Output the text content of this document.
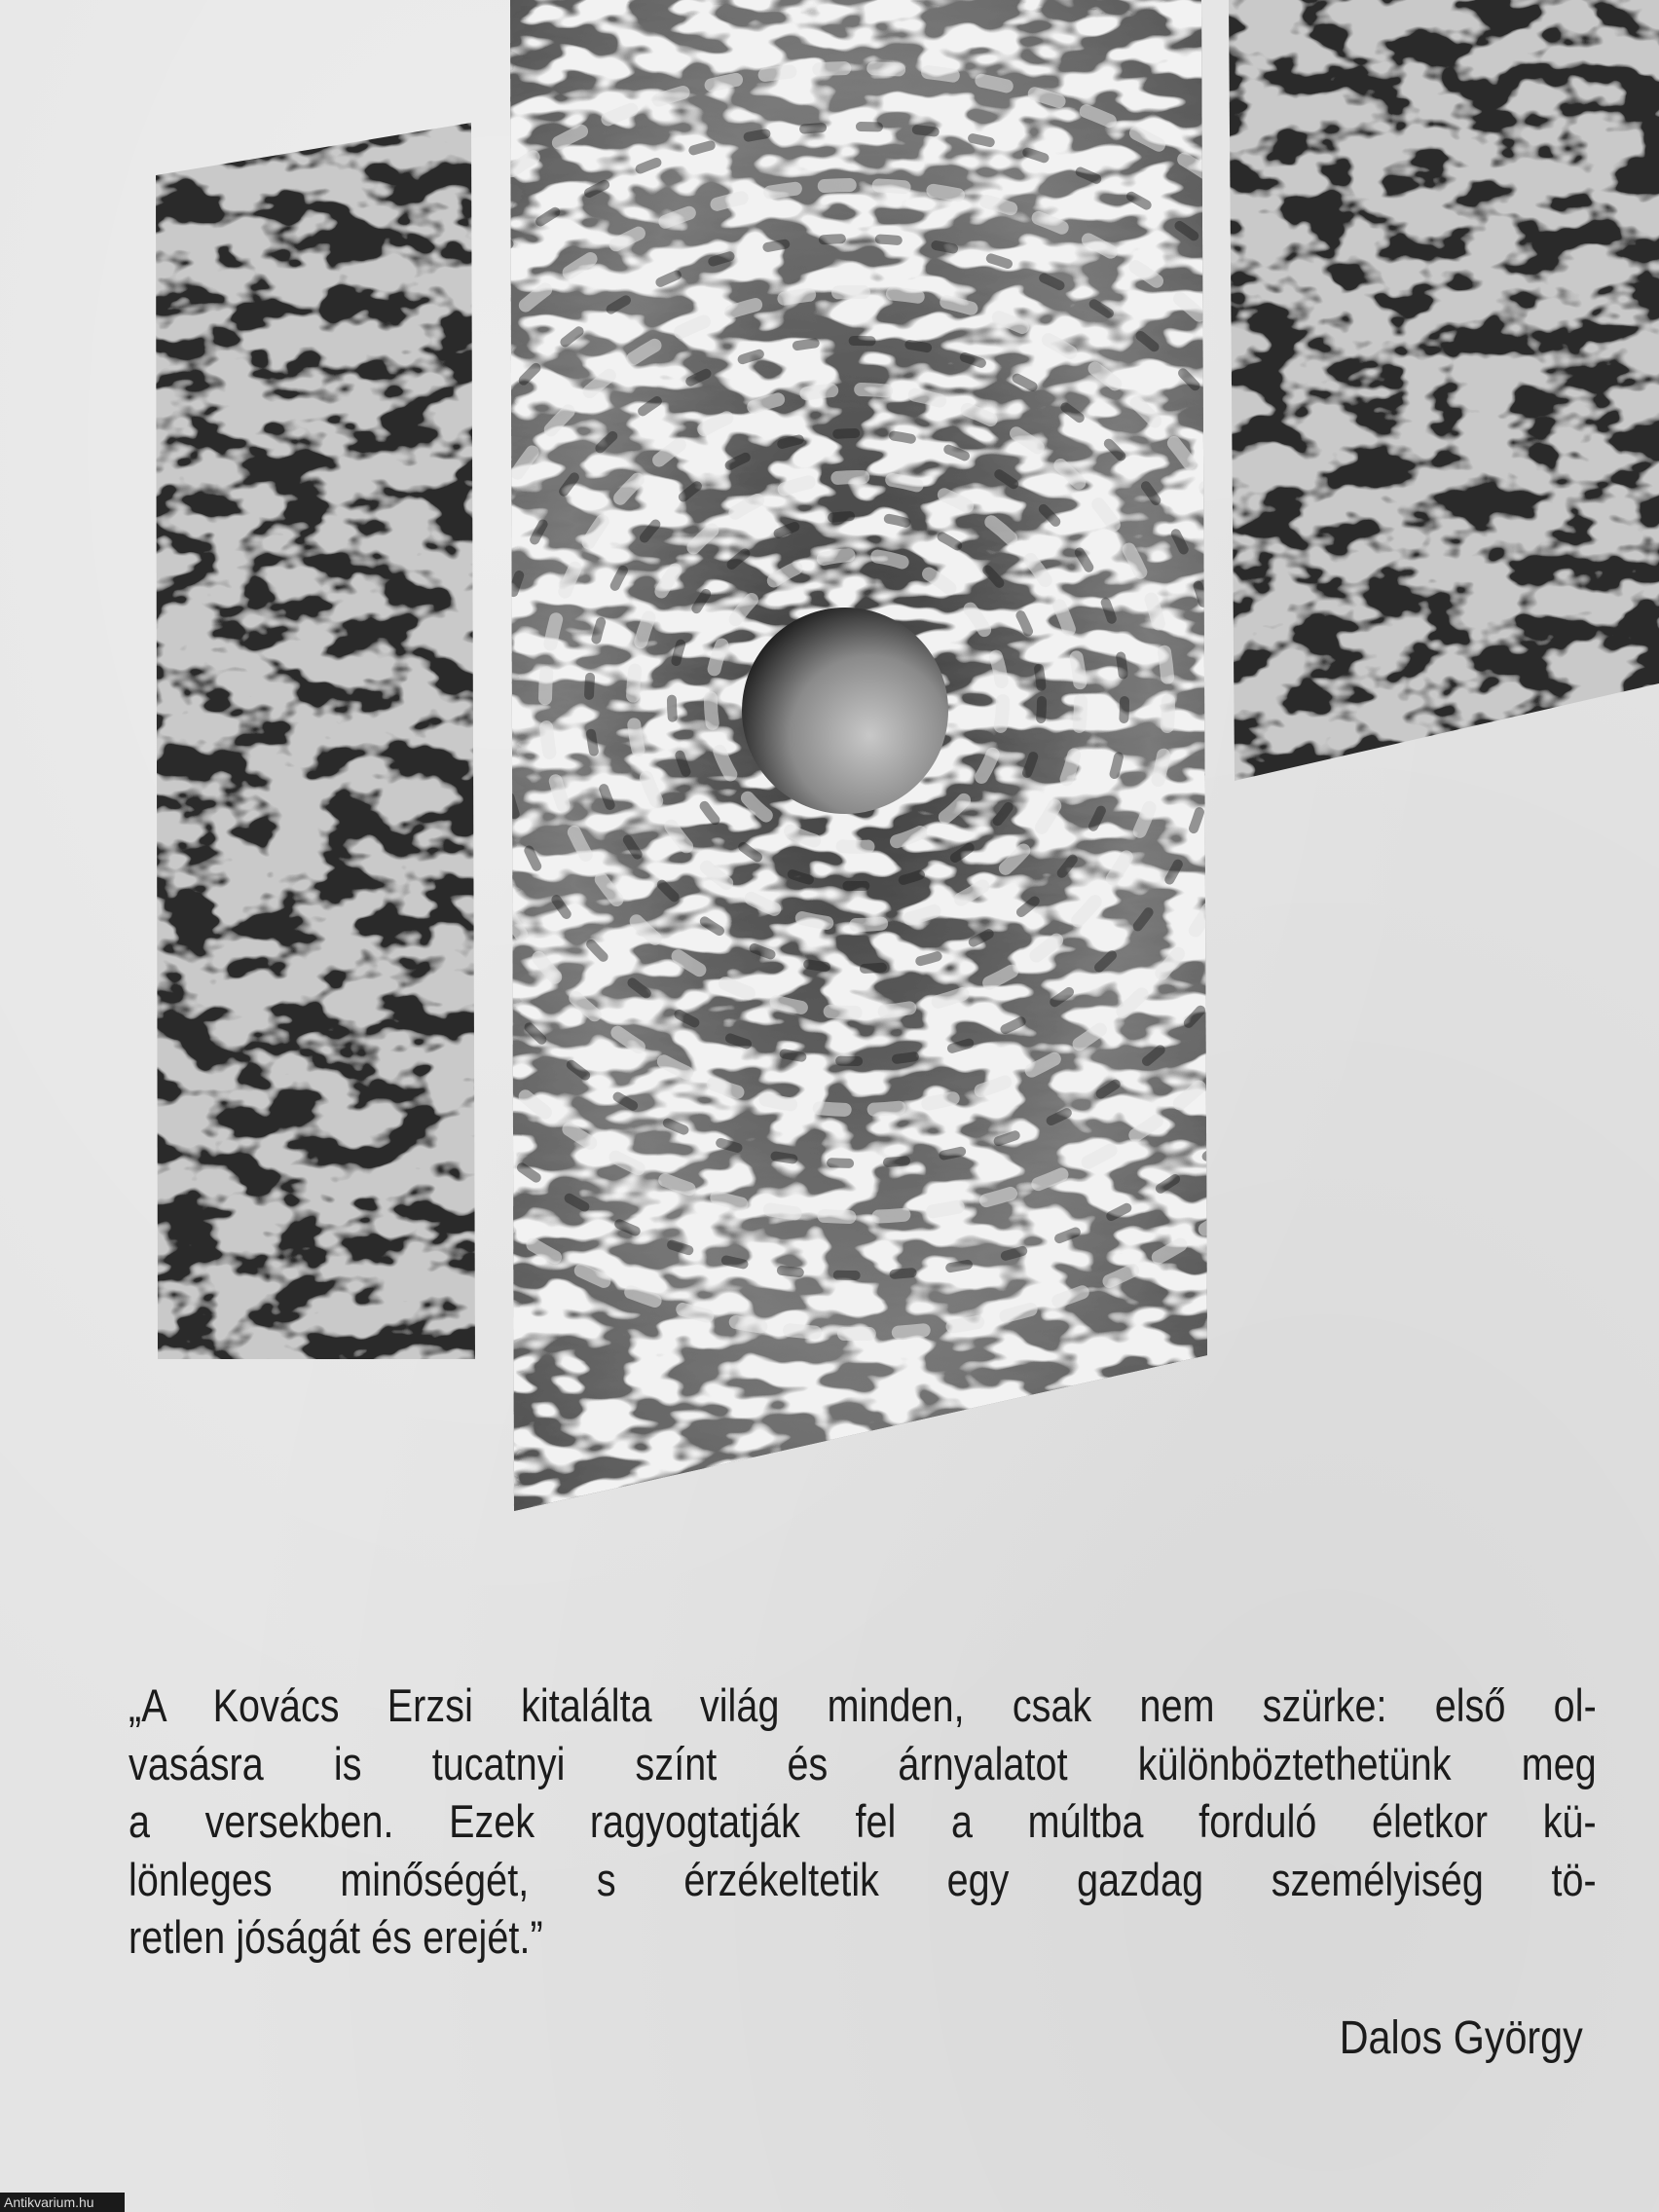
„A Kovács Erzsi kitalálta világ minden, csak nem szürke: első ol-
vasásra is tucatnyi színt és árnyalatot különböztethetünk meg
a versekben. Ezek ragyogtatják fel a múltba forduló életkor kü-
lönleges minőségét, s érzékeltetik egy gazdag személyiség tö-
retlen jóságát és erejét.”

Dalos György

Antikvarium.hu
